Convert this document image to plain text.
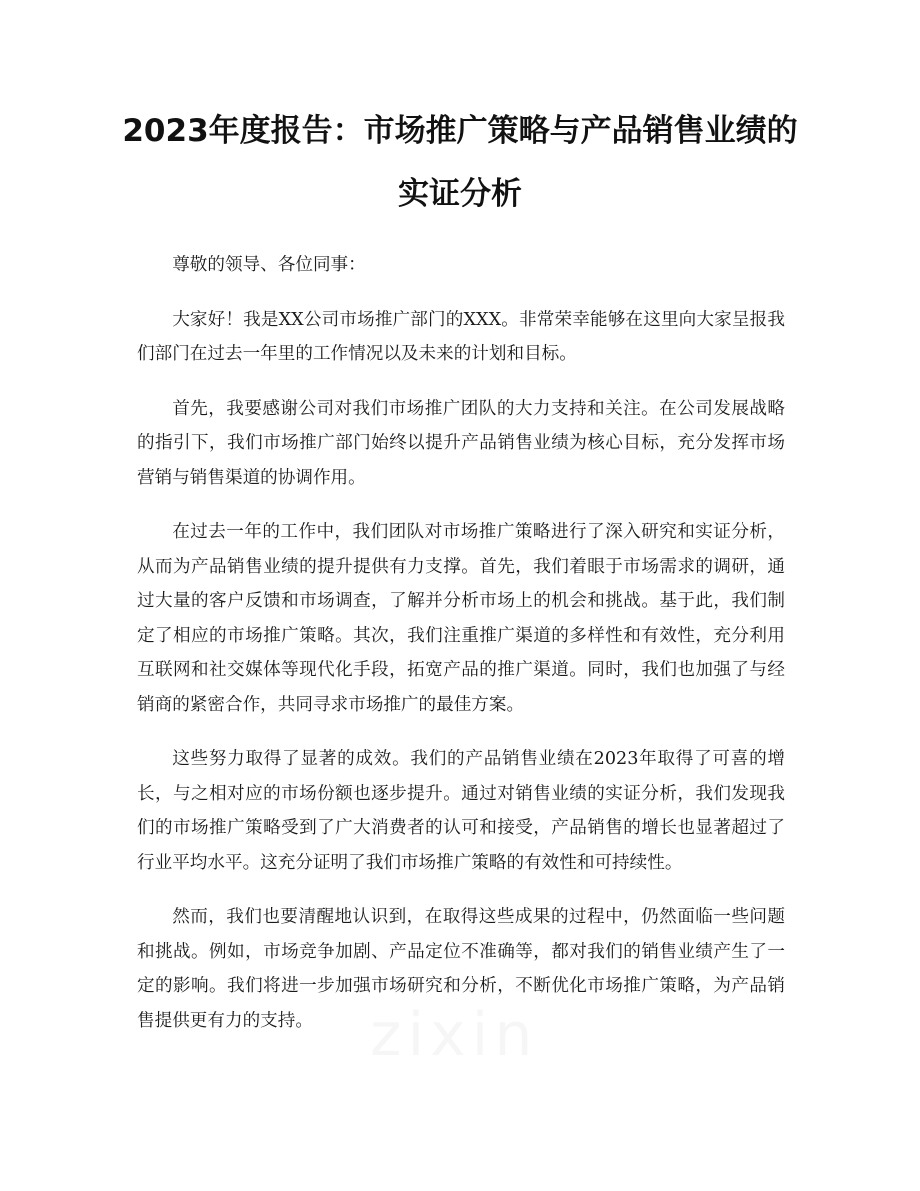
2023年度报告：市场推广策略与产品销售业绩的实证分析

尊敬的领导、各位同事：

大家好！我是XX公司市场推广部门的XXX。非常荣幸能够在这里向大家呈报我们部门在过去一年里的工作情况以及未来的计划和目标。

首先，我要感谢公司对我们市场推广团队的大力支持和关注。在公司发展战略的指引下，我们市场推广部门始终以提升产品销售业绩为核心目标，充分发挥市场营销与销售渠道的协调作用。

在过去一年的工作中，我们团队对市场推广策略进行了深入研究和实证分析，从而为产品销售业绩的提升提供有力支撑。首先，我们着眼于市场需求的调研，通过大量的客户反馈和市场调查，了解并分析市场上的机会和挑战。基于此，我们制定了相应的市场推广策略。其次，我们注重推广渠道的多样性和有效性，充分利用互联网和社交媒体等现代化手段，拓宽产品的推广渠道。同时，我们也加强了与经销商的紧密合作，共同寻求市场推广的最佳方案。

这些努力取得了显著的成效。我们的产品销售业绩在2023年取得了可喜的增长，与之相对应的市场份额也逐步提升。通过对销售业绩的实证分析，我们发现我们的市场推广策略受到了广大消费者的认可和接受，产品销售的增长也显著超过了行业平均水平。这充分证明了我们市场推广策略的有效性和可持续性。

然而，我们也要清醒地认识到，在取得这些成果的过程中，仍然面临一些问题和挑战。例如，市场竞争加剧、产品定位不准确等，都对我们的销售业绩产生了一定的影响。我们将进一步加强市场研究和分析，不断优化市场推广策略，为产品销售提供更有力的支持。
